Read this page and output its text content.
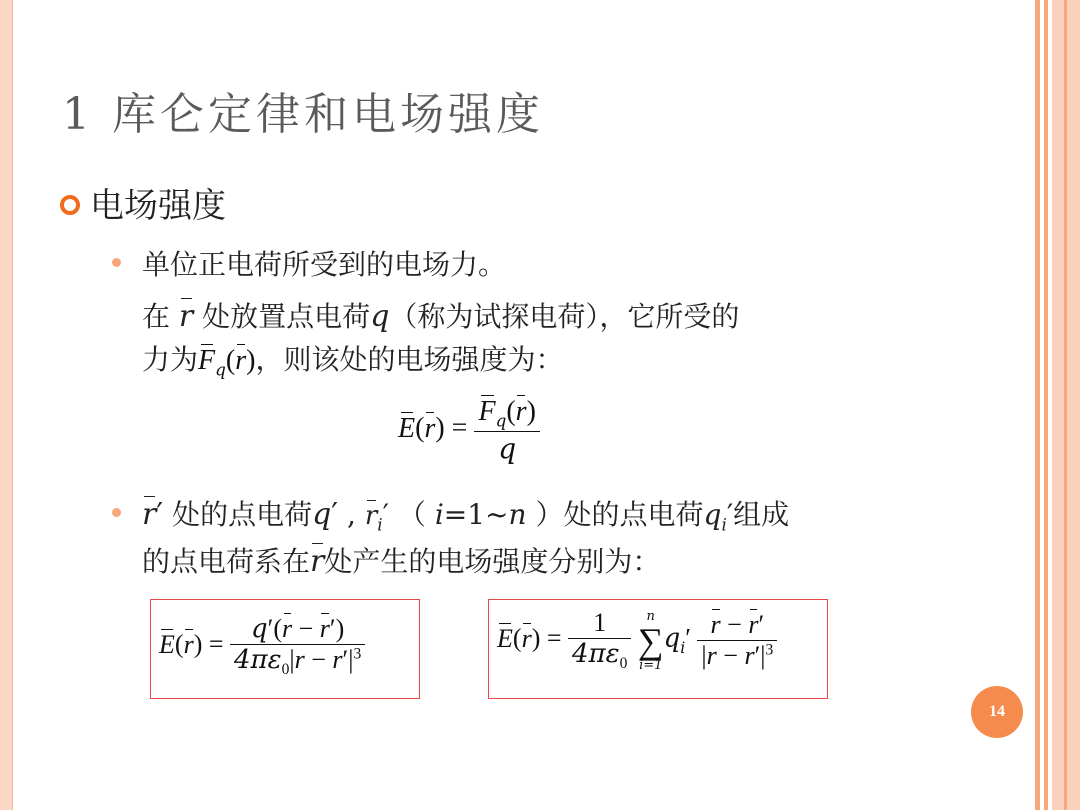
1 库仑定律和电场强度
电场强度
单位正电荷所受到的电场力。
在 r 处放置点电荷q（称为试探电荷），它所受的
力为$F_q(r)$，则该处的电场强度为：
$E(r) = \frac{F_q(r)}{q}$
r′ 处的点电荷q′ , $r_i'$ （ i=1~n ）处的点电荷$q_i'$组成
的点电荷系在r处产生的电场强度分别为：
$E(r) = \frac{q'(r - r')}{4\pi\varepsilon_0|r - r'|^3}$	$E(r) = \frac{1}{4\pi\varepsilon_0}$
	n
∑
i=1
$q_i' \frac{r - r'}{|r - r'|^3}$
14
